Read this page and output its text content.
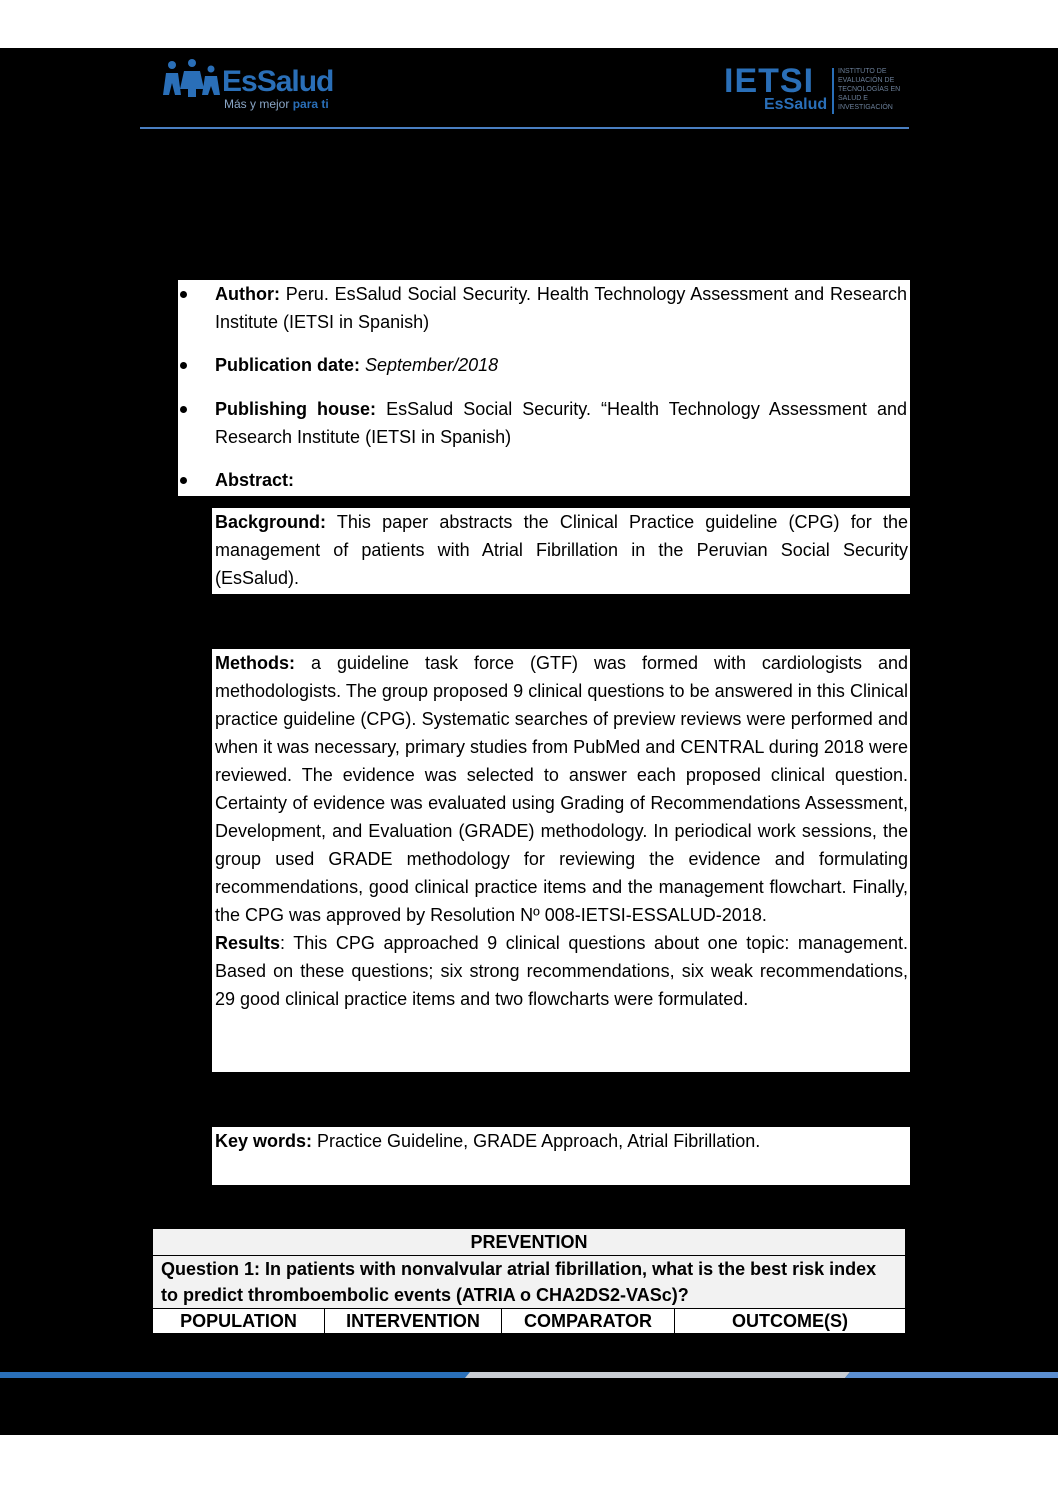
EsSalud
Más y mejor para ti
IETSI
EsSalud
INSTITUTO DE EVALUACIÓN DE TECNOLOGÍAS EN SALUD E INVESTIGACIÓN
Author: Peru. EsSalud Social Security. Health Technology Assessment and Research Institute (IETSI in Spanish)
Publication date: September/2018
Publishing house: EsSalud Social Security. “Health Technology Assessment and Research Institute (IETSI in Spanish)
Abstract:

Background: This paper abstracts the Clinical Practice guideline (CPG) for the management of patients with Atrial Fibrillation in the Peruvian Social Security (EsSalud).

Methods: a guideline task force (GTF) was formed with cardiologists and methodologists. The group proposed 9 clinical questions to be answered in this Clinical practice guideline (CPG). Systematic searches of preview reviews were performed and when it was necessary, primary studies from PubMed and CENTRAL during 2018 were reviewed. The evidence was selected to answer each proposed clinical question. Certainty of evidence was evaluated using Grading of Recommendations Assessment, Development, and Evaluation (GRADE) methodology. In periodical work sessions, the group used GRADE methodology for reviewing the evidence and formulating recommendations, good clinical practice items and the management flowchart. Finally, the CPG was approved by Resolution Nº 008-IETSI-ESSALUD-2018.

Results: This CPG approached 9 clinical questions about one topic: management. Based on these questions; six strong recommendations, six weak recommendations, 29 good clinical practice items and two flowcharts were formulated.

Key words: Practice Guideline, GRADE Approach, Atrial Fibrillation.

PREVENTION
Question 1: In patients with nonvalvular atrial fibrillation, what is the best risk index to predict thromboembolic events (ATRIA o CHA2DS2-VASc)?
POPULATION	INTERVENTION	COMPARATOR	OUTCOME(S)
